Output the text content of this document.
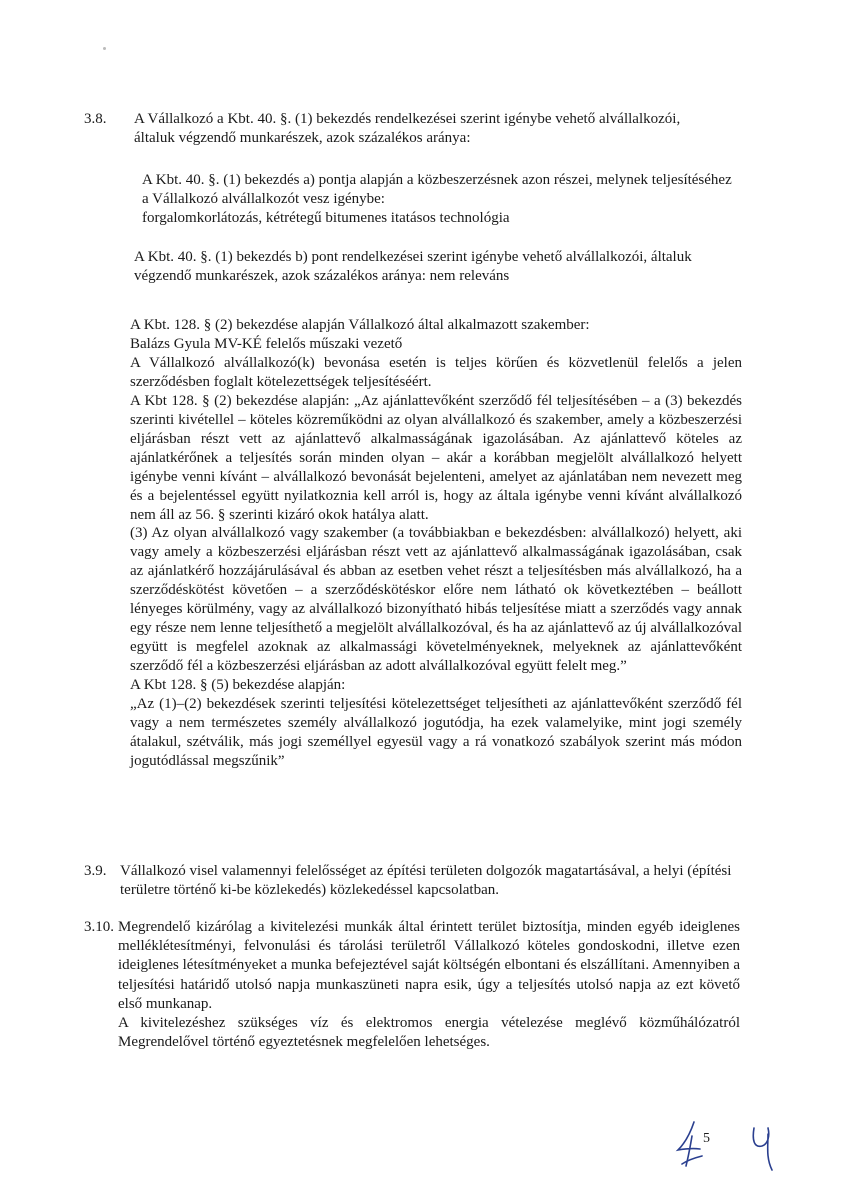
3.8. A Vállalkozó a Kbt. 40. §. (1) bekezdés rendelkezései szerint igénybe vehető alvállalkozói, általuk végzendő munkarészek, azok százalékos aránya:

A Kbt. 40. §. (1) bekezdés a) pontja alapján a közbeszerzésnek azon részei, melynek teljesítéséhez a Vállalkozó alvállalkozót vesz igénybe:

forgalomkorlátozás, kétrétegű bitumenes itatásos technológia

A Kbt. 40. §. (1) bekezdés b) pont rendelkezései szerint igénybe vehető alvállalkozói, általuk végzendő munkarészek, azok százalékos aránya: nem releváns

A Kbt. 128. § (2) bekezdése alapján Vállalkozó által alkalmazott szakember:

Balázs Gyula MV-KÉ felelős műszaki vezető

A Vállalkozó alvállalkozó(k) bevonása esetén is teljes körűen és közvetlenül felelős a jelen szerződésben foglalt kötelezettségek teljesítéséért.

A Kbt 128. § (2) bekezdése alapján: „Az ajánlattevőként szerződő fél teljesítésében – a (3) bekezdés szerinti kivétellel – köteles közreműködni az olyan alvállalkozó és szakember, amely a közbeszerzési eljárásban részt vett az ajánlattevő alkalmasságának igazolásában. Az ajánlattevő köteles az ajánlatkérőnek a teljesítés során minden olyan – akár a korábban megjelölt alvállalkozó helyett igénybe venni kívánt – alvállalkozó bevonását bejelenteni, amelyet az ajánlatában nem nevezett meg és a bejelentéssel együtt nyilatkoznia kell arról is, hogy az általa igénybe venni kívánt alvállalkozó nem áll az 56. § szerinti kizáró okok hatálya alatt.

(3) Az olyan alvállalkozó vagy szakember (a továbbiakban e bekezdésben: alvállalkozó) helyett, aki vagy amely a közbeszerzési eljárásban részt vett az ajánlattevő alkalmasságának igazolásában, csak az ajánlatkérő hozzájárulásával és abban az esetben vehet részt a teljesítésben más alvállalkozó, ha a szerződéskötést követően – a szerződéskötéskor előre nem látható ok következtében – beállott lényeges körülmény, vagy az alvállalkozó bizonyítható hibás teljesítése miatt a szerződés vagy annak egy része nem lenne teljesíthető a megjelölt alvállalkozóval, és ha az ajánlattevő az új alvállalkozóval együtt is megfelel azoknak az alkalmassági követelményeknek, melyeknek az ajánlattevőként szerződő fél a közbeszerzési eljárásban az adott alvállalkozóval együtt felelt meg.”

A Kbt 128. § (5) bekezdése alapján:

„Az (1)–(2) bekezdések szerinti teljesítési kötelezettséget teljesítheti az ajánlattevőként szerződő fél vagy a nem természetes személy alvállalkozó jogutódja, ha ezek valamelyike, mint jogi személy átalakul, szétválik, más jogi személlyel egyesül vagy a rá vonatkozó szabályok szerint más módon jogutódlással megszűnik”

3.9. Vállalkozó visel valamennyi felelősséget az építési területen dolgozók magatartásával, a helyi (építési területre történő ki-be közlekedés) közlekedéssel kapcsolatban.

3.10. Megrendelő kizárólag a kivitelezési munkák által érintett terület biztosítja, minden egyéb ideiglenes melléklétesítményi, felvonulási és tárolási területről Vállalkozó köteles gondoskodni, illetve ezen ideiglenes létesítményeket a munka befejeztével saját költségén elbontani és elszállítani. Amennyiben a teljesítési határidő utolsó napja munkaszüneti napra esik, úgy a teljesítés utolsó napja az ezt követő első munkanap.

A kivitelezéshez szükséges víz és elektromos energia vételezése meglévő közműhálózatról Megrendelővel történő egyeztetésnek megfelelően lehetséges.

5
